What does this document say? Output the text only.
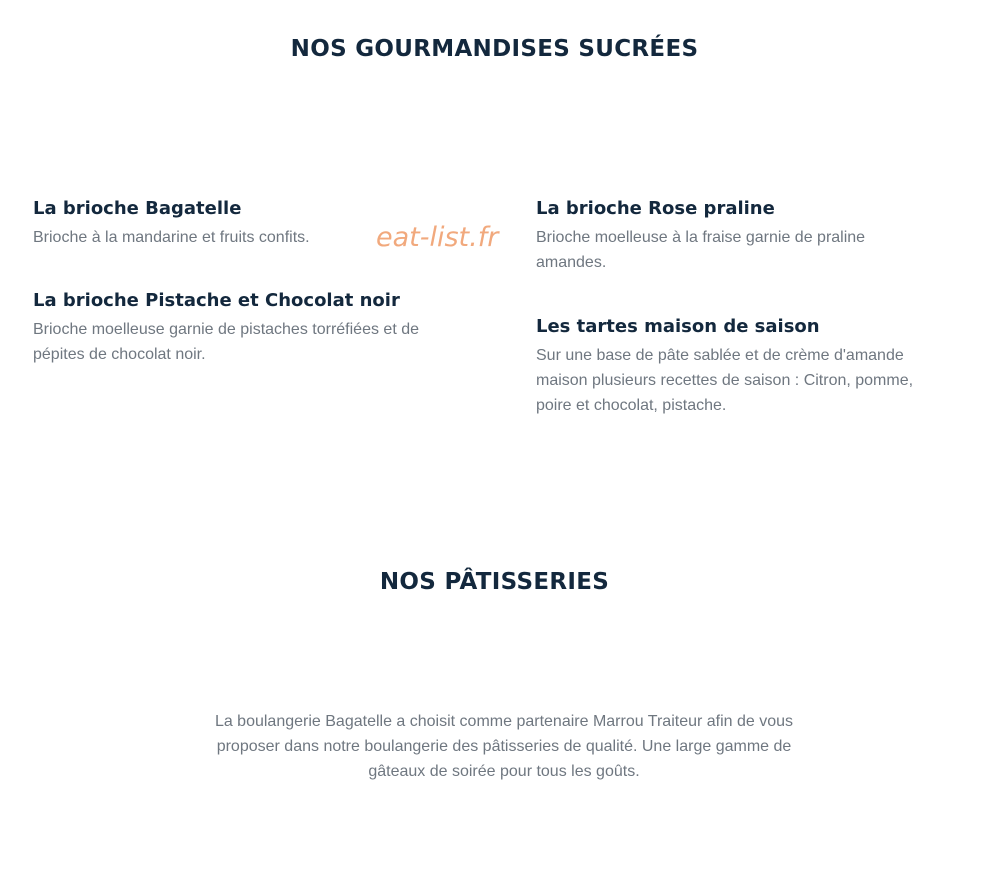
NOS GOURMANDISES SUCRÉES
La brioche Bagatelle

Brioche à la mandarine et fruits confits.

La brioche Pistache et Chocolat noir

Brioche moelleuse garnie de pistaches torréfiées et de pépites de chocolat noir.

La brioche Rose praline

Brioche moelleuse à la fraise garnie de praline amandes.

Les tartes maison de saison

Sur une base de pâte sablée et de crème d'amande maison plusieurs recettes de saison : Citron, pomme, poire et chocolat, pistache.

eat-list.fr
NOS PÂTISSERIES

La boulangerie Bagatelle a choisit comme partenaire Marrou Traiteur afin de vous proposer dans notre boulangerie des pâtisseries de qualité. Une large gamme de gâteaux de soirée pour tous les goûts.
